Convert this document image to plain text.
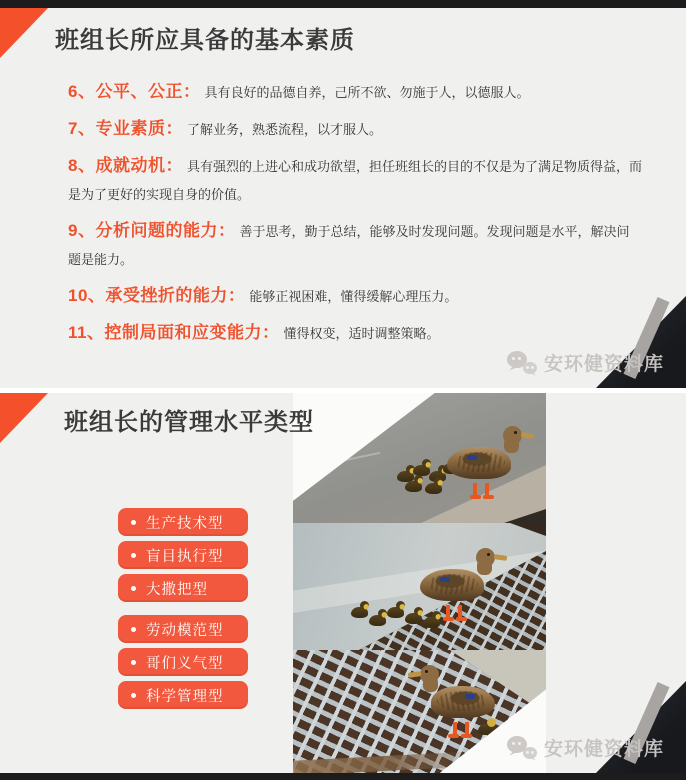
班组长所应具备的基本素质

6、公平、公正： 具有良好的品德自养，己所不欲、勿施于人，以德服人。

7、专业素质： 了解业务，熟悉流程，以才服人。

8、成就动机： 具有强烈的上进心和成功欲望，担任班组长的目的不仅是为了满足物质得益，而是为了更好的实现自身的价值。

9、分析问题的能力： 善于思考，勤于总结，能够及时发现问题。发现问题是水平，解决问题是能力。

10、承受挫折的能力： 能够正视困难，懂得缓解心理压力。

11、控制局面和应变能力： 懂得权变，适时调整策略。

安环健资料库
班组长的管理水平类型
生产技术型
盲目执行型
大撒把型
劳动模范型
哥们义气型
科学管理型
安环健资料库
